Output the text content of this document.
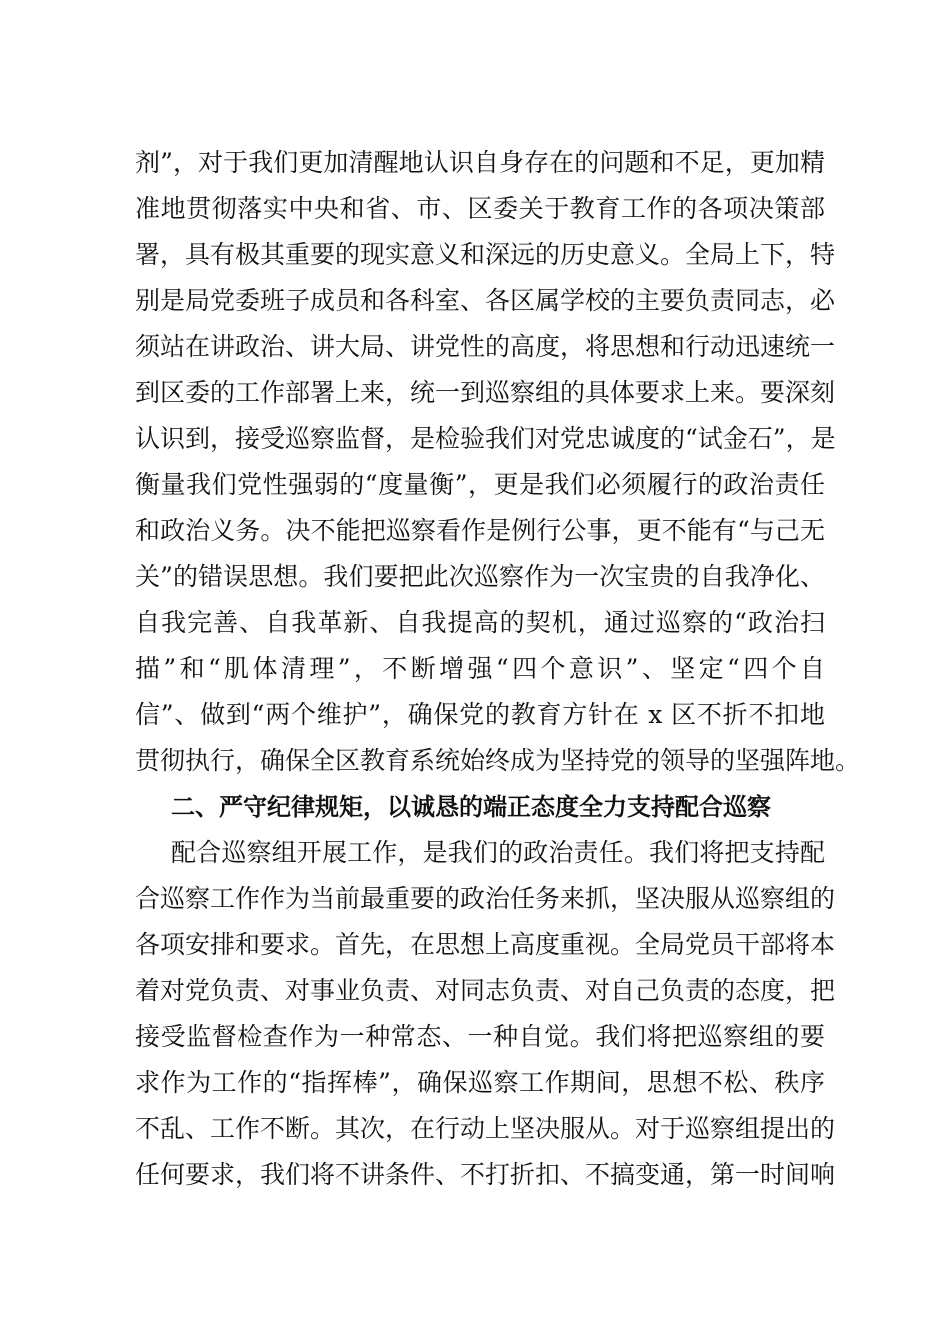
剂”，对于我们更加清醒地认识自身存在的问题和不足，更加精
准地贯彻落实中央和省、市、区委关于教育工作的各项决策部
署，具有极其重要的现实意义和深远的历史意义。全局上下，特
别是局党委班子成员和各科室、各区属学校的主要负责同志，必
须站在讲政治、讲大局、讲党性的高度，将思想和行动迅速统一
到区委的工作部署上来，统一到巡察组的具体要求上来。要深刻
认识到，接受巡察监督，是检验我们对党忠诚度的“试金石”，是
衡量我们党性强弱的“度量衡”，更是我们必须履行的政治责任
和政治义务。决不能把巡察看作是例行公事，更不能有“与己无
关”的错误思想。我们要把此次巡察作为一次宝贵的自我净化、
自我完善、自我革新、自我提高的契机，通过巡察的“政治扫
描”和“肌体清理”，不断增强“四个意识”、坚定“四个自
信”、做到“两个维护”，确保党的教育方针在 x 区不折不扣地
贯彻执行，确保全区教育系统始终成为坚持党的领导的坚强阵地。
二、严守纪律规矩，以诚恳的端正态度全力支持配合巡察
配合巡察组开展工作，是我们的政治责任。我们将把支持配
合巡察工作作为当前最重要的政治任务来抓，坚决服从巡察组的
各项安排和要求。首先，在思想上高度重视。全局党员干部将本
着对党负责、对事业负责、对同志负责、对自己负责的态度，把
接受监督检查作为一种常态、一种自觉。我们将把巡察组的要
求作为工作的“指挥棒”，确保巡察工作期间，思想不松、秩序
不乱、工作不断。其次，在行动上坚决服从。对于巡察组提出的
任何要求，我们将不讲条件、不打折扣、不搞变通，第一时间响
